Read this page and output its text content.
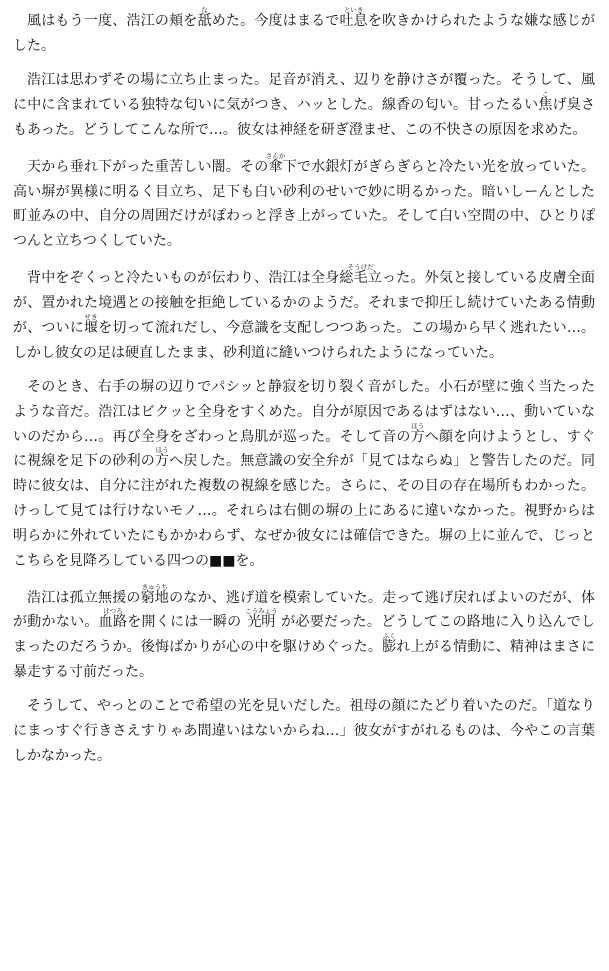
風はもう一度、浩江の頬を舐なめた。今度はまるで吐息といきを吹きかけられたような嫌な感じがした。

浩江は思わずその場に立ち止まった。足音が消え、辺りを静けさが覆った。そうして、風に中に含まれている独特な匂いに気がつき、ハッとした。線香の匂い。甘ったるい焦こげ臭さもあった。どうしてこんな所で…。彼女は神経を研ぎ澄ませ、この不快さの原因を求めた。

天から垂れ下がった重苦しい闇。その傘さんか下で水銀灯がぎらぎらと冷たい光を放っていた。高い塀が異様に明るく目立ち、足下も白い砂利のせいで妙に明るかった。暗いしーんとした町並みの中、自分の周囲だけがぽわっと浮き上がっていた。そして白い空間の中、ひとりぽつんと立ちつくしていた。

背中をぞくっと冷たいものが伝わり、浩江は全身総毛立そうけだった。外気と接している皮膚全面が、置かれた境遇との接触を拒絶しているかのようだ。それまで抑圧し続けていたある情動が、ついに堰せきを切って流れだし、今意識を支配しつつあった。この場から早く逃れたい…。しかし彼女の足は硬直したまま、砂利道に縫いつけられたようになっていた。

そのとき、右手の塀の辺りでパシッと静寂を切り裂く音がした。小石が壁に強く当たったような音だ。浩江はビクッと全身をすくめた。自分が原因であるはずはない…、動いていないのだから…。再び全身をざわっと鳥肌が巡った。そして音の方ほうへ顔を向けようとし、すぐに視線を足下の砂利の方ほうへ戻した。無意識の安全弁が「見てはならぬ」と警告したのだ。同時に彼女は、自分に注がれた複数の視線を感じた。さらに、その目の存在場所もわかった。けっして見ては行けないモノ…。それらは右側の塀の上にあるに違いなかった。視野からは明らかに外れていたにもかかわらず、なぜか彼女には確信できた。塀の上に並んで、じっとこちらを見降ろしている四つの■■を。

浩江は孤立無援の窮地きゅうちのなか、逃げ道を模索していた。走って逃げ戻ればよいのだが、体が動かない。血路けつろを開くには一瞬の 光明こうみょう が必要だった。どうしてこの路地に入り込んでしまったのだろうか。後悔ばかりが心の中を駆けめぐった。膨ふくれ上がる情動に、精神はまさに暴走する寸前だった。

そうして、やっとのことで希望の光を見いだした。祖母の顔にたどり着いたのだ。「道なりにまっすぐ行きさえすりゃあ間違いはないからね…」彼女がすがれるものは、今やこの言葉しかなかった。
